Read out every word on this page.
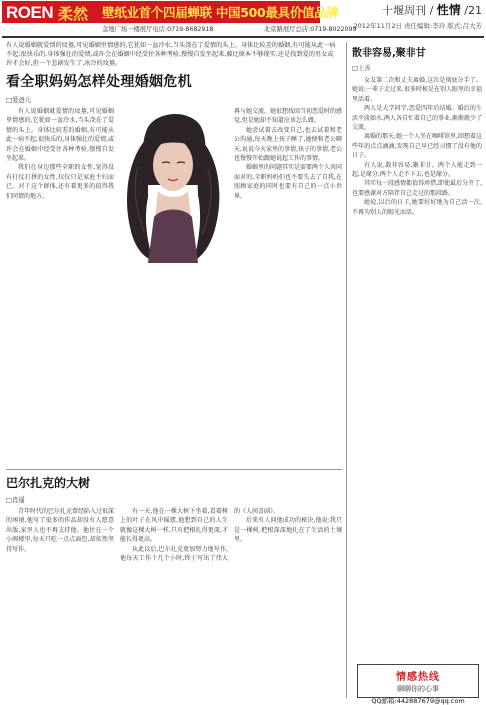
ROEN 柔然 壁纸业首个四届蝉联 中国500最具价值品牌
金地广场一楼展厅电话:0719-8682918	北京路展厅总店:0719-8022099
十堰周刊 / 性情 /21
2012年11月2日 责任编辑:李玲 版式:吕大芳

有人说婚姻就爱情的坟墓,可见婚姻里情感的,它犹如一盆冷水,当头浇在了爱情的头上。身体比较差的婚姻,有可能从此一病不起;很快乐的,身体强壮的爱情,或许会在婚姻中经受住各种考验,慢慢自发坐起来,藤比原本不够现实,还是找到爱的男女或许才会好,但一个悲剧发生了,冰冷的坟墓。

看全职妈妈怎样处理婚姻危机
□爱爸儿

有人说婚姻就爱情的坟墓,可见婚姻里情感的,它犹如一盆冷水,当头浇在了爱情的头上。身体比较差的婚姻,有可能从此一病不起;很快乐的,身体强壮的爱情,或许会在婚姻中经受住各种考验,慢慢自发坐起来。

我们在身边那些全职的女性,觉得没有打仗打拼的女性,仅仅只是家庭主妇而已。对于这个群体,还有着更多的值得我们同情的地方。

再与她交流。她很想找回当初恋爱时的感觉,但是她却不知道应该怎么做。

她尝试着去改变自己,也去试着和老公沟通,每天晚上孩子睡了,她便和老公聊天,说说今天家里的事情,孩子的事情,老公也慢慢开始跟她说起工作的事情。

婚姻里的问题其实是需要两个人共同面对的,全职妈妈们也不要失去了自我,在照顾家庭的同时也要有自己的一点小世界。

巴尔扎克的大树
□肖遥

青年时代的巴尔扎克曾经陷入过很深的困境,他写了很多的作品却没有人愿意出版,家里人也不再支持他。他住在一个小阁楼里,每天只吃一点点面包,却依然坚持写作。

有一天,他在一棵大树下坐着,看着树上的叶子在风中摇摆,他想到自己的人生就像这棵大树一样,只有把根扎得更深,才能长得更高。

从此以后,巴尔扎克更加努力地写作,他每天工作十几个小时,终于写出了伟大的《人间喜剧》。

后来有人问他成功的秘诀,他说:我只是一棵树,把根深深地扎在了生活的土壤里。

散非容易,聚非甘
□上善

女友第二次和丈夫离婚,这次是彻底分手了。她说:一辈子走过来,很多时候是在别人眼里的幸福里活着。

两人是大学同学,恋爱四年后结婚。婚后的生活平淡如水,两人各自忙着自己的事业,渐渐就少了交流。

离婚的那天,她一个人坐在咖啡馆里,回想着这些年的点点滴滴,发现自己早已经习惯了没有他的日子。

有人说,散非容易,聚非甘。两个人能走到一起,是缘分;两个人走不下去,也是缘分。

其实每一段感情都值得珍惜,即使最后分开了,也要感谢对方陪伴自己走过的那段路。

她说,以后的日子,她要好好地为自己活一次,不再为别人的眼光而活。

情感热线
聊聊你的心事
QQ邮箱:442887679@qq.com
